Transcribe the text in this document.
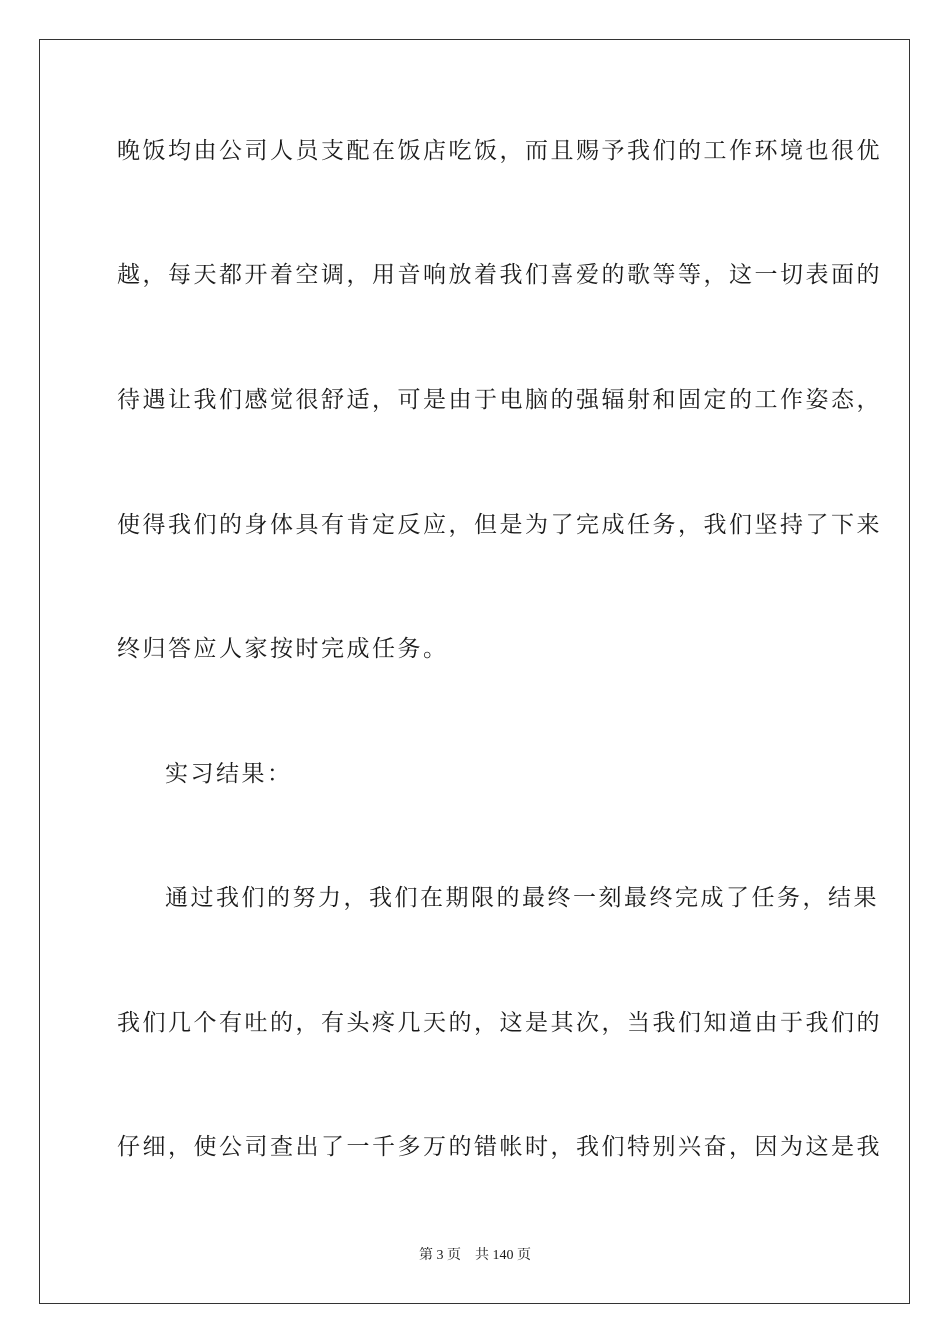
晚饭均由公司人员支配在饭店吃饭，而且赐予我们的工作环境也很优
越，每天都开着空调，用音响放着我们喜爱的歌等等，这一切表面的
待遇让我们感觉很舒适，可是由于电脑的强辐射和固定的工作姿态，
使得我们的身体具有肯定反应，但是为了完成任务，我们坚持了下来
终归答应人家按时完成任务。
实习结果：
通过我们的努力，我们在期限的最终一刻最终完成了任务，结果
我们几个有吐的，有头疼几天的，这是其次，当我们知道由于我们的
仔细，使公司查出了一千多万的错帐时，我们特别兴奋，因为这是我
第 3 页 共 140 页
